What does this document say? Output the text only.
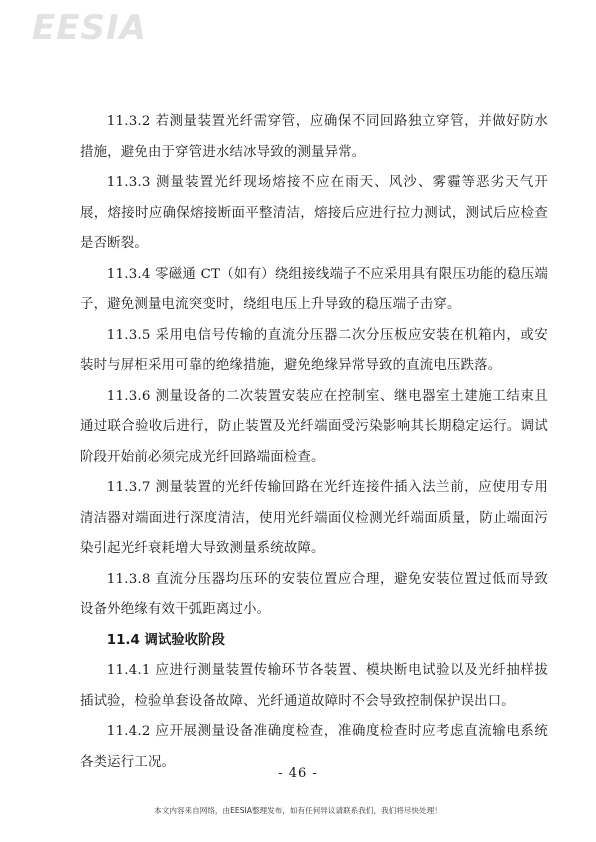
EESIA

11.3.2 若测量装置光纤需穿管，应确保不同回路独立穿管，并做好防水措施，避免由于穿管进水结冰导致的测量异常。

11.3.3 测量装置光纤现场熔接不应在雨天、风沙、雾霾等恶劣天气开展，熔接时应确保熔接断面平整清洁，熔接后应进行拉力测试，测试后应检查是否断裂。

11.3.4 零磁通 CT（如有）绕组接线端子不应采用具有限压功能的稳压端子，避免测量电流突变时，绕组电压上升导致的稳压端子击穿。

11.3.5 采用电信号传输的直流分压器二次分压板应安装在机箱内，或安装时与屏柜采用可靠的绝缘措施，避免绝缘异常导致的直流电压跌落。

11.3.6 测量设备的二次装置安装应在控制室、继电器室土建施工结束且通过联合验收后进行，防止装置及光纤端面受污染影响其长期稳定运行。调试阶段开始前必须完成光纤回路端面检查。

11.3.7 测量装置的光纤传输回路在光纤连接件插入法兰前，应使用专用清洁器对端面进行深度清洁，使用光纤端面仪检测光纤端面质量，防止端面污染引起光纤衰耗增大导致测量系统故障。

11.3.8 直流分压器均压环的安装位置应合理，避免安装位置过低而导致设备外绝缘有效干弧距离过小。

11.4 调试验收阶段

11.4.1 应进行测量装置传输环节各装置、模块断电试验以及光纤抽样拔插试验，检验单套设备故障、光纤通道故障时不会导致控制保护误出口。

11.4.2 应开展测量设备准确度检查，准确度检查时应考虑直流输电系统各类运行工况。

- 46 -
本文内容来自网络，由EESIA整理发布，如有任何异议请联系我们，我们将尽快处理！
